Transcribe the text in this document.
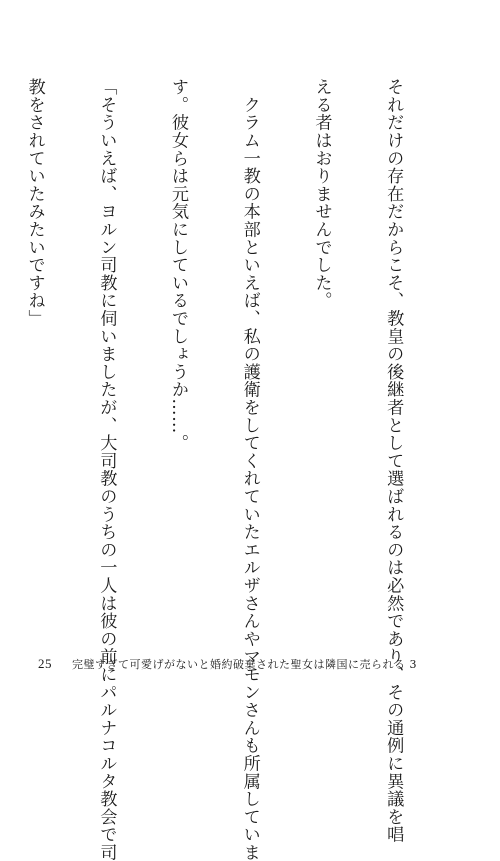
それだけの存在だからこそ、教皇の後継者として選ばれるのは必然であり、その通例に異議を唱

える者はおりませんでした。

　クラム一教の本部といえば、私の護衛をしてくれていたエルザさんやマモンさんも所属していま

す。彼女らは元気にしているでしょうか……。

「そういえば、ヨルン司教に伺いましたが、大司教のうちの一人は彼の前にパルナコルタ教会で司

教をされていたみたいですね」

25 完璧すぎて可愛げがないと婚約破棄された聖女は隣国に売られる 3
